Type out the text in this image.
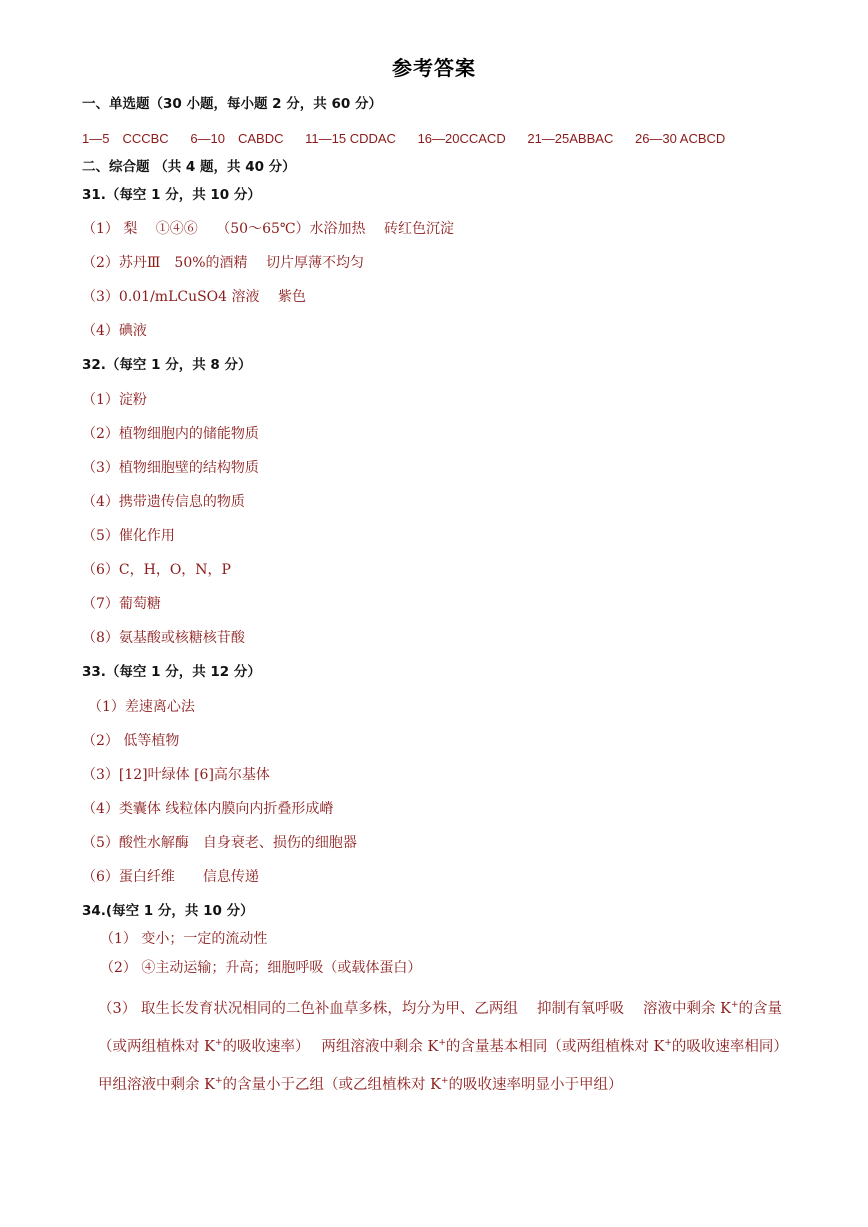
参考答案
一、单选题（30 小题，每小题 2 分，共 60 分）
1—5　CCCBC 6—10　CABDC 11—15 CDDAC 16—20CCACD 21—25ABBAC 26—30 ACBCD
二、综合题 （共 4 题，共 40 分）
31.（每空 1 分，共 10 分）
（1） 梨　 ①④⑥　 （50～65℃）水浴加热　 砖红色沉淀
（2）苏丹Ⅲ　50%的酒精　 切片厚薄不均匀
（3）0.01/mLCuSO4 溶液　 紫色
（4）碘液
32.（每空 1 分，共 8 分）
（1）淀粉
（2）植物细胞内的储能物质
（3）植物细胞壁的结构物质
（4）携带遗传信息的物质
（5）催化作用
（6）C，H，O，N，P
（7）葡萄糖
（8）氨基酸或核糖核苷酸
33.（每空 1 分，共 12 分）
（1）差速离心法
（2） 低等植物
（3）[12]叶绿体 [6]高尔基体
（4）类囊体 线粒体内膜向内折叠形成嵴
（5）酸性水解酶　自身衰老、损伤的细胞器
（6）蛋白纤维　　信息传递
34.(每空 1 分，共 10 分）
（1） 变小；一定的流动性
（2） ④主动运输；升高；细胞呼吸（或载体蛋白）
（3） 取生长发育状况相同的二色补血草多株，均分为甲、乙两组　 抑制有氧呼吸　 溶液中剩余 K+的含量（或两组植株对 K+的吸收速率）　 两组溶液中剩余 K+的含量基本相同（或两组植株对 K+的吸收速率相同）　 甲组溶液中剩余 K+的含量小于乙组（或乙组植株对 K+的吸收速率明显小于甲组）
